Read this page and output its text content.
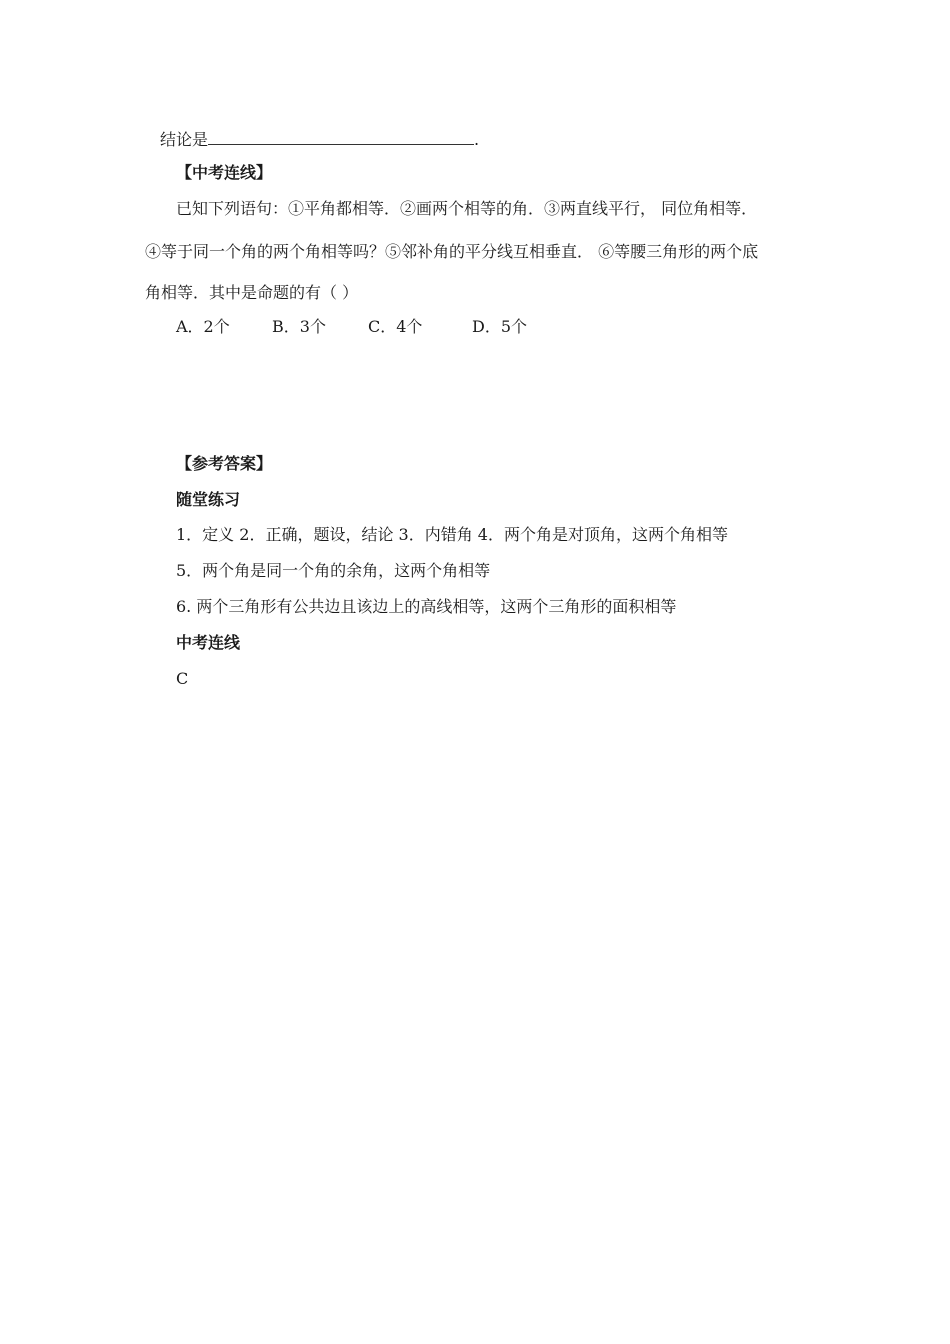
结论是	.
【中考连线】
已知下列语句：①平角都相等．②画两个相等的角．③两直线平行， 同位角相等．
④等于同一个角的两个角相等吗？⑤邻补角的平分线互相垂直． ⑥等腰三角形的两个底
角相等．其中是命题的有（ ）
A．2个	B．3个	C．4个	D．5个
【参考答案】
随堂练习
1．定义 2．正确，题设，结论 3．内错角 4．两个角是对顶角，这两个角相等
5．两个角是同一个角的余角，这两个角相等
6. 两个三角形有公共边且该边上的高线相等，这两个三角形的面积相等
中考连线
C
